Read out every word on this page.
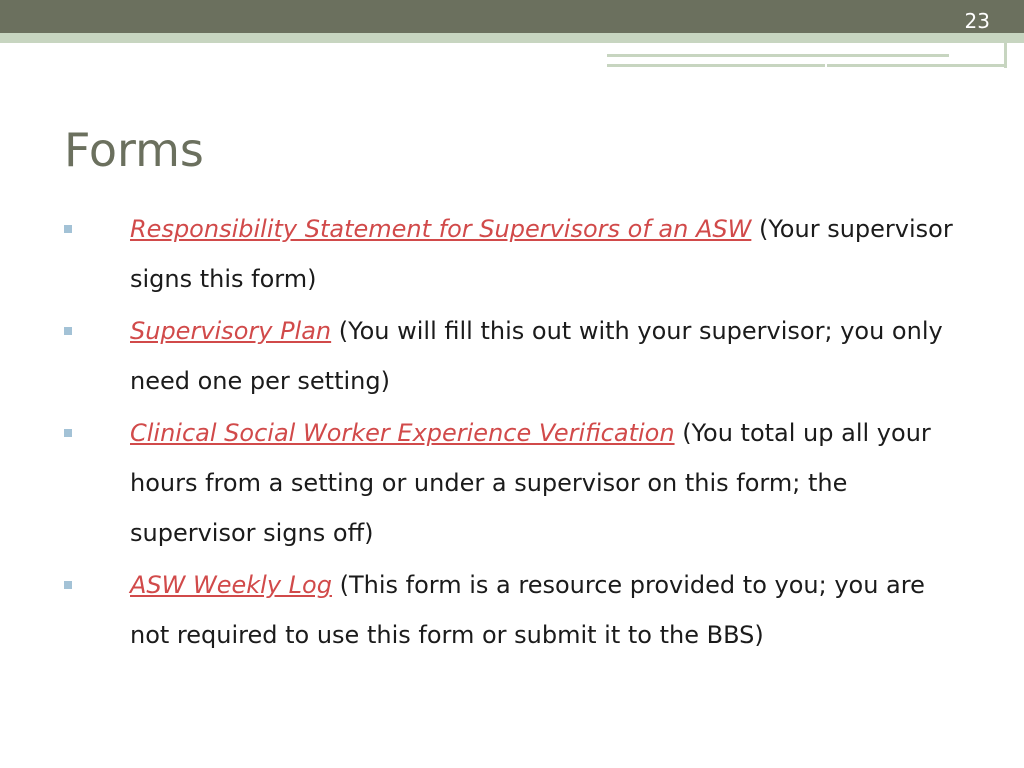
23
Forms
Responsibility Statement for Supervisors of an ASW (Your supervisor signs this form)
Supervisory Plan (You will fill this out with your supervisor; you only need one per setting)
Clinical Social Worker Experience Verification (You total up all your hours from a setting or under a supervisor on this form; the supervisor signs off)
ASW Weekly Log (This form is a resource provided to you; you are not required to use this form or submit it to the BBS)
